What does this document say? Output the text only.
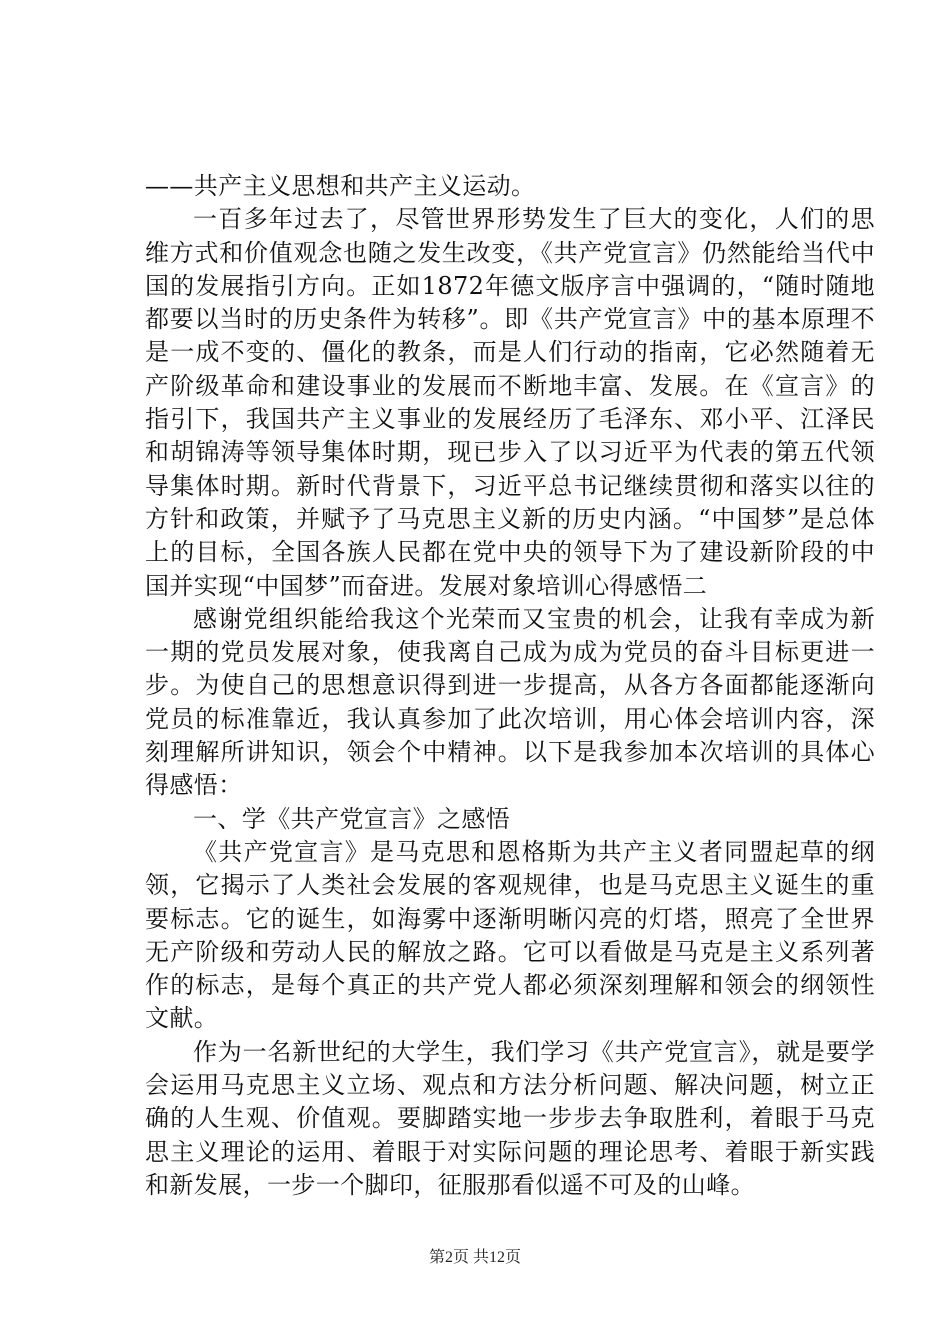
——共产主义思想和共产主义运动。

一百多年过去了，尽管世界形势发生了巨大的变化，人们的思维方式和价值观念也随之发生改变，《共产党宣言》仍然能给当代中国的发展指引方向。正如1872年德文版序言中强调的，“随时随地都要以当时的历史条件为转移”。即《共产党宣言》中的基本原理不是一成不变的、僵化的教条，而是人们行动的指南，它必然随着无产阶级革命和建设事业的发展而不断地丰富、发展。在《宣言》的指引下，我国共产主义事业的发展经历了毛泽东、邓小平、江泽民和胡锦涛等领导集体时期，现已步入了以习近平为代表的第五代领导集体时期。新时代背景下，习近平总书记继续贯彻和落实以往的方针和政策，并赋予了马克思主义新的历史内涵。“中国梦”是总体上的目标，全国各族人民都在党中央的领导下为了建设新阶段的中国并实现“中国梦”而奋进。发展对象培训心得感悟二

感谢党组织能给我这个光荣而又宝贵的机会，让我有幸成为新一期的党员发展对象，使我离自己成为成为党员的奋斗目标更进一步。为使自己的思想意识得到进一步提高，从各方各面都能逐渐向党员的标准靠近，我认真参加了此次培训，用心体会培训内容，深刻理解所讲知识，领会个中精神。以下是我参加本次培训的具体心得感悟：

一、学《共产党宣言》之感悟

《共产党宣言》是马克思和恩格斯为共产主义者同盟起草的纲领，它揭示了人类社会发展的客观规律，也是马克思主义诞生的重要标志。它的诞生，如海雾中逐渐明晰闪亮的灯塔，照亮了全世界无产阶级和劳动人民的解放之路。它可以看做是马克是主义系列著作的标志，是每个真正的共产党人都必须深刻理解和领会的纲领性文献。

作为一名新世纪的大学生，我们学习《共产党宣言》，就是要学会运用马克思主义立场、观点和方法分析问题、解决问题，树立正确的人生观、价值观。要脚踏实地一步步去争取胜利，着眼于马克思主义理论的运用、着眼于对实际问题的理论思考、着眼于新实践和新发展，一步一个脚印，征服那看似遥不可及的山峰。

第2页 共12页
